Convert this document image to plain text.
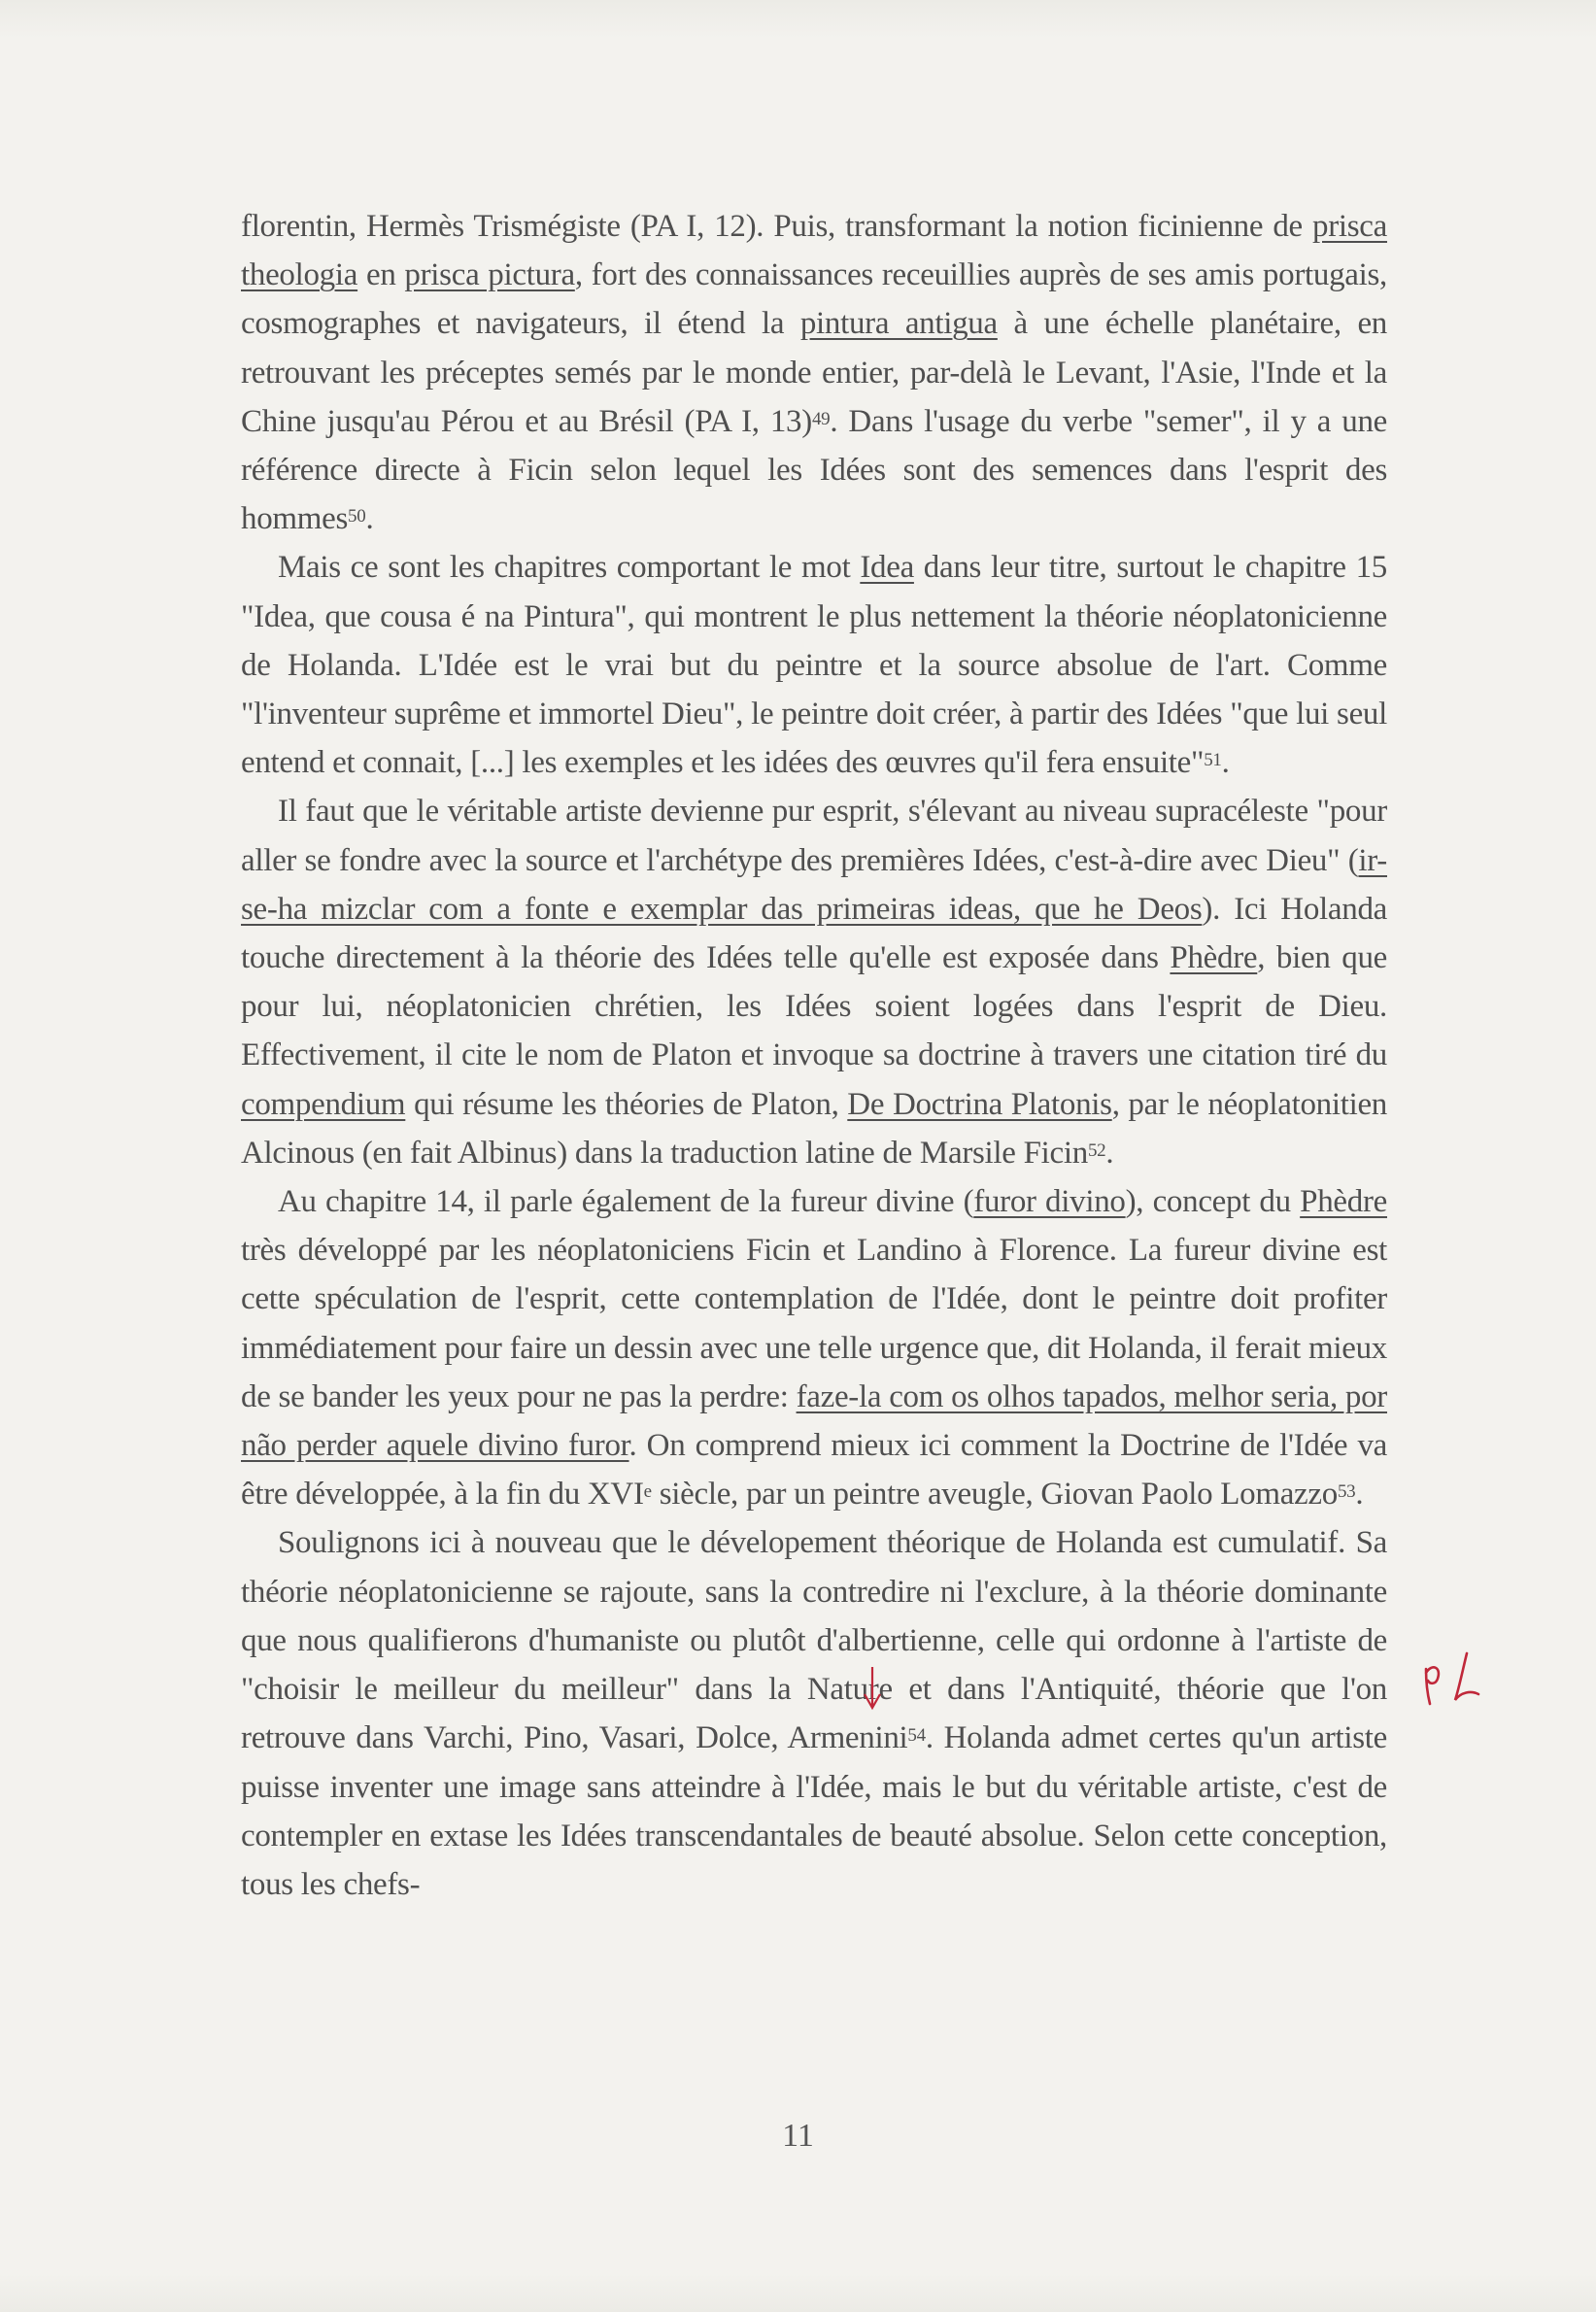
florentin, Hermès Trismégiste (PA I, 12). Puis, transformant la notion ficinienne de prisca theologia en prisca pictura, fort des connaissances receuillies auprès de ses amis portugais, cosmographes et navigateurs, il étend la pintura antigua à une échelle planétaire, en retrouvant les préceptes semés par le monde entier, par-delà le Levant, l'Asie, l'Inde et la Chine jusqu'au Pérou et au Brésil (PA I, 13)$^{49}$. Dans l'usage du verbe "semer", il y a une référence directe à Ficin selon lequel les Idées sont des semences dans l'esprit des hommes$^{50}$.

Mais ce sont les chapitres comportant le mot Idea dans leur titre, surtout le chapitre 15 "Idea, que cousa é na Pintura", qui montrent le plus nettement la théorie néoplatonicienne de Holanda. L'Idée est le vrai but du peintre et la source absolue de l'art. Comme "l'inventeur suprême et immortel Dieu", le peintre doit créer, à partir des Idées "que lui seul entend et connait, [...] les exemples et les idées des œuvres qu'il fera ensuite"$^{51}$.

Il faut que le véritable artiste devienne pur esprit, s'élevant au niveau supracéleste "pour aller se fondre avec la source et l'archétype des premières Idées, c'est-à-dire avec Dieu" (ir-se-ha mizclar com a fonte e exemplar das primeiras ideas, que he Deos). Ici Holanda touche directement à la théorie des Idées telle qu'elle est exposée dans Phèdre, bien que pour lui, néoplatonicien chrétien, les Idées soient logées dans l'esprit de Dieu. Effectivement, il cite le nom de Platon et invoque sa doctrine à travers une citation tiré du compendium qui résume les théories de Platon, De Doctrina Platonis, par le néoplatonitien Alcinous (en fait Albinus) dans la traduction latine de Marsile Ficin$^{52}$.

Au chapitre 14, il parle également de la fureur divine (furor divino), concept du Phèdre très développé par les néoplatoniciens Ficin et Landino à Florence. La fureur divine est cette spéculation de l'esprit, cette contemplation de l'Idée, dont le peintre doit profiter immédiatement pour faire un dessin avec une telle urgence que, dit Holanda, il ferait mieux de se bander les yeux pour ne pas la perdre: faze-la com os olhos tapados, melhor seria, por não perder aquele divino furor. On comprend mieux ici comment la Doctrine de l'Idée va être développée, à la fin du XVIe siècle, par un peintre aveugle, Giovan Paolo Lomazzo$^{53}$.

Soulignons ici à nouveau que le dévelopement théorique de Holanda est cumulatif. Sa théorie néoplatonicienne se rajoute, sans la contredire ni l'exclure, à la théorie dominante que nous qualifierons d'humaniste ou plutôt d'albertienne, celle qui ordonne à l'artiste de "choisir le meilleur du meilleur" dans la Nature et dans l'Antiquité, théorie que l'on retrouve dans Varchi, Pino, Vasari, Dolce, Armenini$^{54}$. Holanda admet certes qu'un artiste puisse inventer une image sans atteindre à l'Idée, mais le but du véritable artiste, c'est de contempler en extase les Idées transcendantales de beauté absolue. Selon cette conception, tous les chefs-

11
